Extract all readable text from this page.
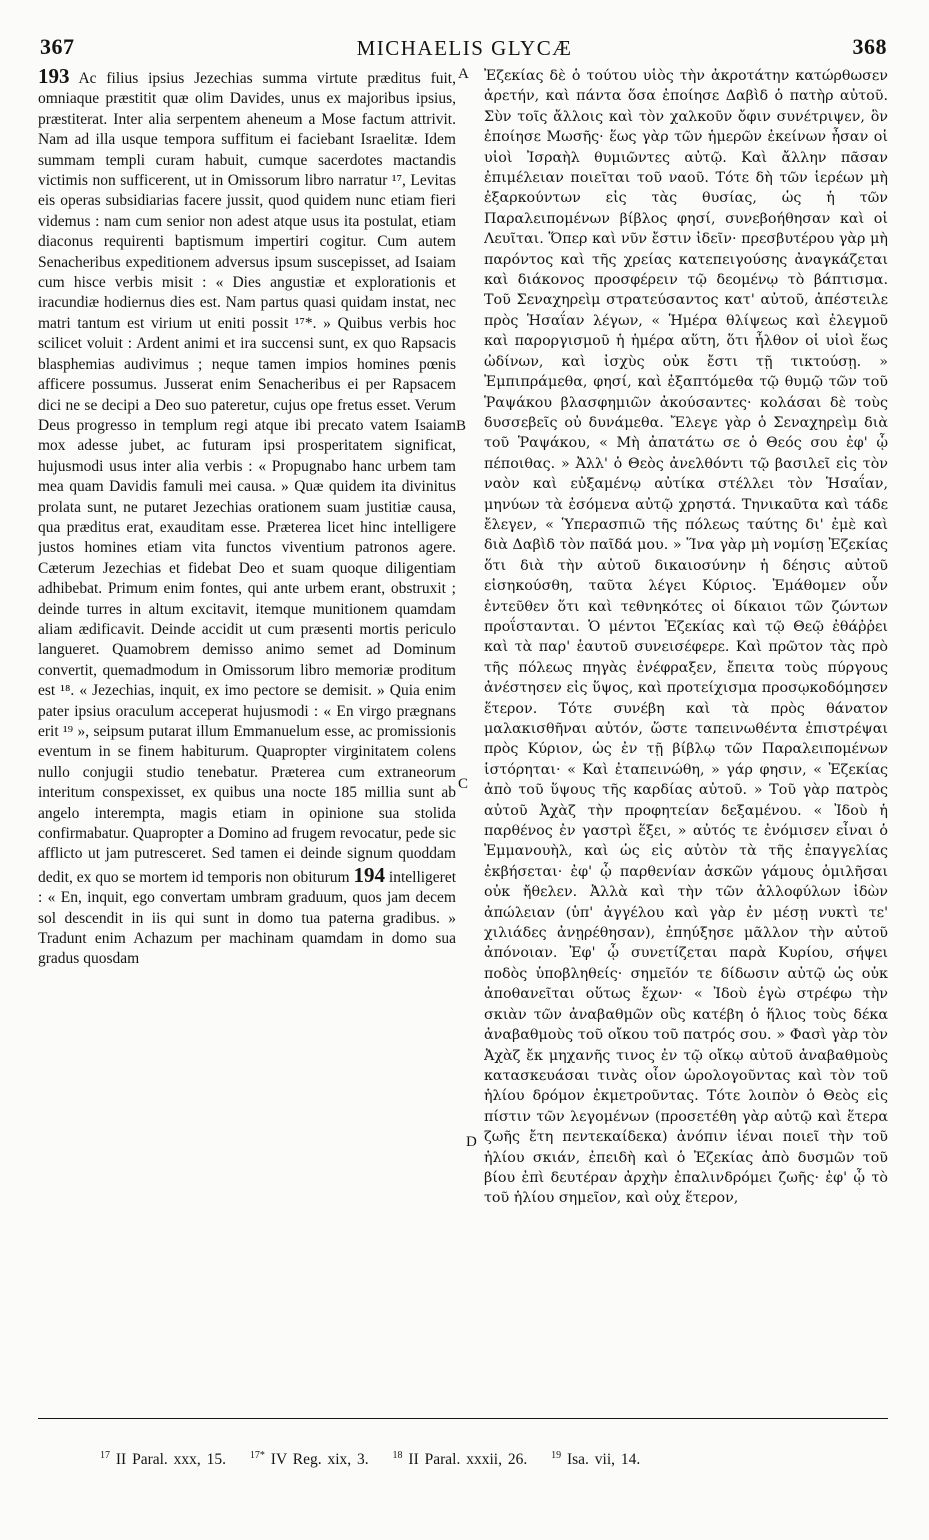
367	MICHAELIS GLYCÆ	368

193 Ac filius ipsius Jezechias summa virtute præditus fuit, omniaque præstitit quæ olim Davides, unus ex majoribus ipsius, præstiterat. Inter alia serpentem aheneum a Mose factum attrivit. Nam ad illa usque tempora suffitum ei faciebant Israelitæ. Idem summam templi curam habuit, cumque sacerdotes mactandis victimis non sufficerent, ut in Omissorum libro narratur ¹⁷, Levitas eis operas subsidiarias facere jussit, quod quidem nunc etiam fieri videmus : nam cum senior non adest atque usus ita postulat, etiam diaconus requirenti baptismum impertiri cogitur. Cum autem Senacheribus expeditionem adversus ipsum suscepisset, ad Isaiam cum hisce verbis misit : « Dies angustiæ et explorationis et iracundiæ hodiernus dies est. Nam partus quasi quidam instat, nec matri tantum est virium ut eniti possit ¹⁷*. » Quibus verbis hoc scilicet voluit : Ardent animi et ira succensi sunt, ex quo Rapsacis blasphemias audivimus ; neque tamen impios homines pœnis afficere possumus. Jusserat enim Senacheribus ei per Rapsacem dici ne se decipi a Deo suo pateretur, cujus ope fretus esset. Verum Deus progresso in templum regi atque ibi precato vatem Isaiam mox adesse jubet, ac futuram ipsi prosperitatem significat, hujusmodi usus inter alia verbis : « Propugnabo hanc urbem tam mea quam Davidis famuli mei causa. » Quæ quidem ita divinitus prolata sunt, ne putaret Jezechias orationem suam justitiæ causa, qua præditus erat, exauditam esse. Præterea licet hinc intelligere justos homines etiam vita functos viventium patronos agere. Cæterum Jezechias et fidebat Deo et suam quoque diligentiam adhibebat. Primum enim fontes, qui ante urbem erant, obstruxit ; deinde turres in altum excitavit, itemque munitionem quamdam aliam ædificavit. Deinde accidit ut cum præsenti mortis periculo langueret. Quamobrem demisso animo semet ad Dominum convertit, quemadmodum in Omissorum libro memoriæ proditum est ¹⁸. « Jezechias, inquit, ex imo pectore se demisit. » Quia enim pater ipsius oraculum acceperat hujusmodi : « En virgo prægnans erit ¹⁹ », seipsum putarat illum Emmanuelum esse, ac promissionis eventum in se finem habiturum. Quapropter virginitatem colens nullo conjugii studio tenebatur. Præterea cum extraneorum interitum conspexisset, ex quibus una nocte 185 millia sunt ab angelo interempta, magis etiam in opinione sua stolida confirmabatur. Quapropter a Domino ad frugem revocatur, pede sic afflicto ut jam putresceret. Sed tamen ei deinde signum quoddam dedit, ex quo se mortem id temporis non obiturum 194 intelligeret : « En, inquit, ego convertam umbram graduum, quos jam decem sol descendit in iis qui sunt in domo tua paterna gradibus. » Tradunt enim Achazum per machinam quamdam in domo sua gradus quosdam

A
B
C
D

Ἐζεκίας δὲ ὁ τούτου υἱὸς τὴν ἀκροτάτην κατώρθωσεν ἀρετήν, καὶ πάντα ὅσα ἐποίησε Δαβὶδ ὁ πατὴρ αὐτοῦ. Σὺν τοῖς ἄλλοις καὶ τὸν χαλκοῦν ὄφιν συνέτριψεν, ὃν ἐποίησε Μωσῆς· ἕως γὰρ τῶν ἡμερῶν ἐκείνων ἦσαν οἱ υἱοὶ Ἰσραὴλ θυμιῶντες αὐτῷ. Καὶ ἄλλην πᾶσαν ἐπιμέλειαν ποιεῖται τοῦ ναοῦ. Τότε δὴ τῶν ἱερέων μὴ ἐξαρκούντων εἰς τὰς θυσίας, ὡς ἡ τῶν Παραλειπομένων βίβλος φησί, συνεβοήθησαν καὶ οἱ Λευῖται. Ὅπερ καὶ νῦν ἔστιν ἰδεῖν· πρεσβυτέρου γὰρ μὴ παρόντος καὶ τῆς χρείας κατεπειγούσης ἀναγκάζεται καὶ διάκονος προσφέρειν τῷ δεομένῳ τὸ βάπτισμα. Τοῦ Σεναχηρεὶμ στρατεύσαντος κατ' αὐτοῦ, ἀπέστειλε πρὸς Ἡσαΐαν λέγων, « Ἡμέρα θλίψεως καὶ ἐλεγμοῦ καὶ παροργισμοῦ ἡ ἡμέρα αὕτη, ὅτι ἦλθον οἱ υἱοὶ ἕως ὠδίνων, καὶ ἰσχὺς οὐκ ἔστι τῇ τικτούσῃ. » Ἐμπιπράμεθα, φησί, καὶ ἐξαπτόμεθα τῷ θυμῷ τῶν τοῦ Ῥαψάκου βλασφημιῶν ἀκούσαντες· κολάσαι δὲ τοὺς δυσσεβεῖς οὐ δυνάμεθα. Ἔλεγε γὰρ ὁ Σεναχηρεὶμ διὰ τοῦ Ῥαψάκου, « Μὴ ἀπατάτω σε ὁ Θεός σου ἐφ' ᾧ πέποιθας. » Ἀλλ' ὁ Θεὸς ἀνελθόντι τῷ βασιλεῖ εἰς τὸν ναὸν καὶ εὐξαμένῳ αὐτίκα στέλλει τὸν Ἡσαΐαν, μηνύων τὰ ἐσόμενα αὐτῷ χρηστά. Τηνικαῦτα καὶ τάδε ἔλεγεν, « Ὑπερασπιῶ τῆς πόλεως ταύτης δι' ἐμὲ καὶ διὰ Δαβὶδ τὸν παῖδά μου. » Ἵνα γὰρ μὴ νομίσῃ Ἐζεκίας ὅτι διὰ τὴν αὐτοῦ δικαιοσύνην ἡ δέησις αὐτοῦ εἰσηκούσθη, ταῦτα λέγει Κύριος. Ἐμάθομεν οὖν ἐντεῦθεν ὅτι καὶ τεθνηκότες οἱ δίκαιοι τῶν ζώντων προΐστανται. Ὁ μέντοι Ἐζεκίας καὶ τῷ Θεῷ ἐθάῤῥει καὶ τὰ παρ' ἑαυτοῦ συνεισέφερε. Καὶ πρῶτον τὰς πρὸ τῆς πόλεως πηγὰς ἐνέφραξεν, ἔπειτα τοὺς πύργους ἀνέστησεν εἰς ὕψος, καὶ προτείχισμα προσῳκοδόμησεν ἕτερον. Τότε συνέβη καὶ τὰ πρὸς θάνατον μαλακισθῆναι αὐτόν, ὥστε ταπεινωθέντα ἐπιστρέψαι πρὸς Κύριον, ὡς ἐν τῇ βίβλῳ τῶν Παραλειπομένων ἱστόρηται· « Καὶ ἐταπεινώθη, » γάρ φησιν, « Ἐζεκίας ἀπὸ τοῦ ὕψους τῆς καρδίας αὐτοῦ. » Τοῦ γὰρ πατρὸς αὐτοῦ Ἀχὰζ τὴν προφητείαν δεξαμένου. « Ἰδοὺ ἡ παρθένος ἐν γαστρὶ ἕξει, » αὐτός τε ἐνόμισεν εἶναι ὁ Ἐμμανουὴλ, καὶ ὡς εἰς αὐτὸν τὰ τῆς ἐπαγγελίας ἐκβήσεται· ἐφ' ᾧ παρθενίαν ἀσκῶν γάμους ὁμιλῆσαι οὐκ ἤθελεν. Ἀλλὰ καὶ τὴν τῶν ἀλλοφύλων ἰδὼν ἀπώλειαν (ὑπ' ἀγγέλου καὶ γὰρ ἐν μέσῃ νυκτὶ τε' χιλιάδες ἀνῃρέθησαν), ἐπηύξησε μᾶλλον τὴν αὐτοῦ ἀπόνοιαν. Ἐφ' ᾧ συνετίζεται παρὰ Κυρίου, σήψει ποδὸς ὑποβληθείς· σημεῖόν τε δίδωσιν αὐτῷ ὡς οὐκ ἀποθανεῖται οὕτως ἔχων· « Ἰδοὺ ἐγὼ στρέφω τὴν σκιὰν τῶν ἀναβαθμῶν οὓς κατέβη ὁ ἥλιος τοὺς δέκα ἀναβαθμοὺς τοῦ οἴκου τοῦ πατρός σου. » Φασὶ γὰρ τὸν Ἀχὰζ ἔκ μηχανῆς τινος ἐν τῷ οἴκῳ αὐτοῦ ἀναβαθμοὺς κατασκευάσαι τινὰς οἷον ὡρολογοῦντας καὶ τὸν τοῦ ἡλίου δρόμον ἐκμετροῦντας. Τότε λοιπὸν ὁ Θεὸς εἰς πίστιν τῶν λεγομένων (προσετέθη γὰρ αὐτῷ καὶ ἕτερα ζωῆς ἔτη πεντεκαίδεκα) ἀνόπιν ἰέναι ποιεῖ τὴν τοῦ ἡλίου σκιάν, ἐπειδὴ καὶ ὁ Ἐζεκίας ἀπὸ δυσμῶν τοῦ βίου ἐπὶ δευτέραν ἀρχὴν ἐπαλινδρόμει ζωῆς· ἐφ' ᾧ τὸ τοῦ ἡλίου σημεῖον, καὶ οὐχ ἕτερον,

$^{17}$ II Paral. xxx, 15. $^{17*}$ IV Reg. xix, 3. $^{18}$ II Paral. xxxii, 26. $^{19}$ Isa. vii, 14.
